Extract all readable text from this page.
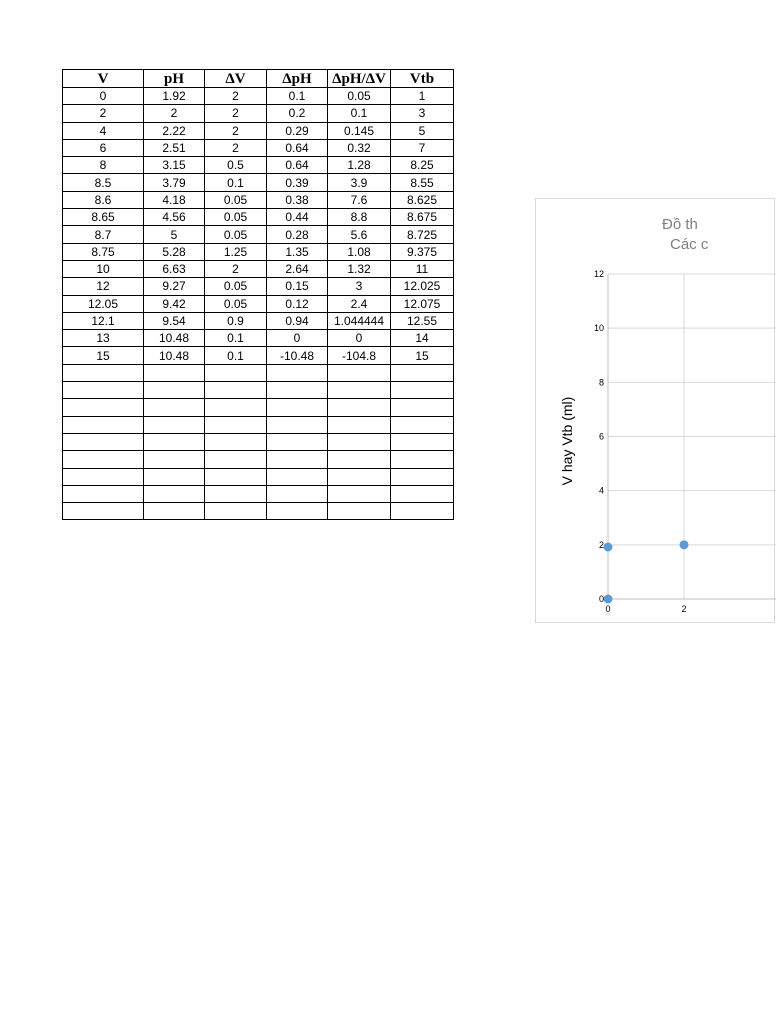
V	pH	ΔV	ΔpH	ΔpH/ΔV	Vtb
0	1.92	2	0.1	0.05	1
2	2	2	0.2	0.1	3
4	2.22	2	0.29	0.145	5
6	2.51	2	0.64	0.32	7
8	3.15	0.5	0.64	1.28	8.25
8.5	3.79	0.1	0.39	3.9	8.55
8.6	4.18	0.05	0.38	7.6	8.625
8.65	4.56	0.05	0.44	8.8	8.675
8.7	5	0.05	0.28	5.6	8.725
8.75	5.28	1.25	1.35	1.08	9.375
10	6.63	2	2.64	1.32	11
12	9.27	0.05	0.15	3	12.025
12.05	9.42	0.05	0.12	2.4	12.075
12.1	9.54	0.9	0.94	1.044444	12.55
13	10.48	0.1	0	0	14
15	10.48	0.1	-10.48	-104.8	15

Đồ th
Các c
0
2
4
6
8
10
12
0	2
V hay Vtb (ml)
